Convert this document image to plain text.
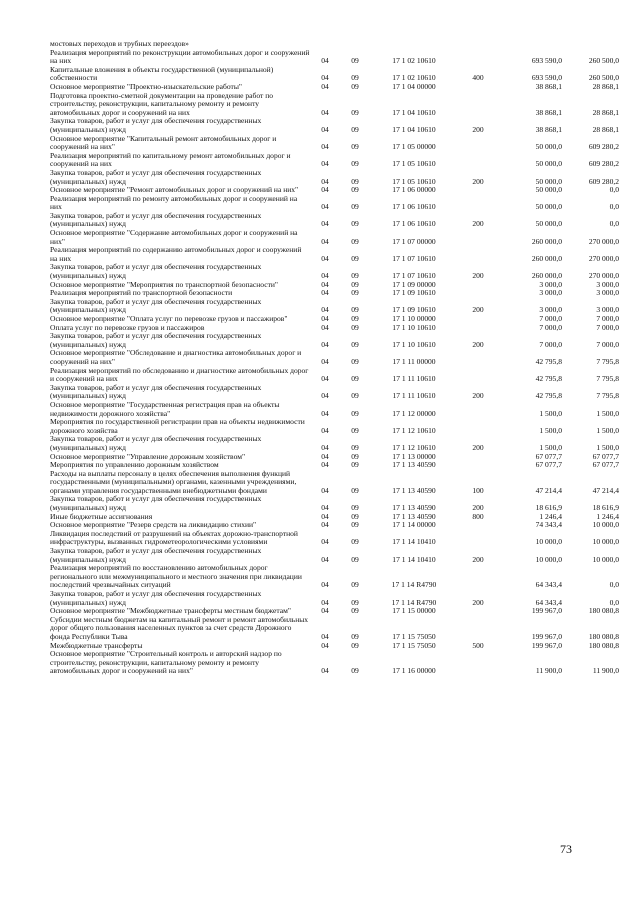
мостовых переходов и трубных переездов»
Реализация мероприятий по реконструкции автомобильных дорог и сооружений на них	04	09	17 1 02 10610	693 590,0	260 500,0
Капитальные вложения в объекты государственной (муниципальной) собственности	04	09	17 1 02 10610	400	693 590,0	260 500,0
Основное мероприятие "Проектно-изыскательские работы"	04	09	17 1 04 00000	38 868,1	28 868,1
Подготовка проектно-сметной документации на проведение работ по строительству, реконструкции, капитальному ремонту и ремонту автомобильных дорог и сооружений на них	04	09	17 1 04 10610	38 868,1	28 868,1
Закупка товаров, работ и услуг для обеспечения государственных (муниципальных) нужд	04	09	17 1 04 10610	200	38 868,1	28 868,1
Основное мероприятие "Капитальный ремонт автомобильных дорог и сооружений на них"	04	09	17 1 05 00000	50 000,0	609 280,2
Реализация мероприятий по капитальному ремонт автомобильных дорог и сооружений на них	04	09	17 1 05 10610	50 000,0	609 280,2
Закупка товаров, работ и услуг для обеспечения государственных (муниципальных) нужд	04	09	17 1 05 10610	200	50 000,0	609 280,2
Основное мероприятие "Ремонт автомобильных дорог и сооружений на них"	04	09	17 1 06 00000	50 000,0	0,0
Реализация мероприятий по ремонту автомобильных дорог и сооружений на них	04	09	17 1 06 10610	50 000,0	0,0
Закупка товаров, работ и услуг для обеспечения государственных (муниципальных) нужд	04	09	17 1 06 10610	200	50 000,0	0,0
Основное мероприятие "Содержание автомобильных дорог и сооружений на них"	04	09	17 1 07 00000	260 000,0	270 000,0
Реализация мероприятий по содержанию автомобильных дорог и сооружений на них	04	09	17 1 07 10610	260 000,0	270 000,0
Закупка товаров, работ и услуг для обеспечения государственных (муниципальных) нужд	04	09	17 1 07 10610	200	260 000,0	270 000,0
Основное мероприятие "Мероприятия по транспортной безопасности"	04	09	17 1 09 00000	3 000,0	3 000,0
Реализация мероприятий по транспортной безопасности	04	09	17 1 09 10610	3 000,0	3 000,0
Закупка товаров, работ и услуг для обеспечения государственных (муниципальных) нужд	04	09	17 1 09 10610	200	3 000,0	3 000,0
Основное мероприятие "Оплата услуг по перевозке грузов и пассажиров"	04	09	17 1 10 00000	7 000,0	7 000,0
Оплата услуг по перевозке грузов и пассажиров	04	09	17 1 10 10610	7 000,0	7 000,0
Закупка товаров, работ и услуг для обеспечения государственных (муниципальных) нужд	04	09	17 1 10 10610	200	7 000,0	7 000,0
Основное мероприятие "Обследование и диагностика автомобильных дорог и сооружений на них"	04	09	17 1 11 00000	42 795,8	7 795,8
Реализация мероприятий по обследованию и диагностике автомобильных дорог и сооружений на них	04	09	17 1 11 10610	42 795,8	7 795,8
Закупка товаров, работ и услуг для обеспечения государственных (муниципальных) нужд	04	09	17 1 11 10610	200	42 795,8	7 795,8
Основное мероприятие "Государственная регистрация прав на объекты недвижимости дорожного хозяйства"	04	09	17 1 12 00000	1 500,0	1 500,0
Мероприятия по государственной регистрации прав на объекты недвижимости дорожного хозяйства	04	09	17 1 12 10610	1 500,0	1 500,0
Закупка товаров, работ и услуг для обеспечения государственных (муниципальных) нужд	04	09	17 1 12 10610	200	1 500,0	1 500,0
Основное мероприятие "Управление дорожным хозяйством"	04	09	17 1 13 00000	67 077,7	67 077,7
Мероприятия по управлению дорожным хозяйством	04	09	17 1 13 40590	67 077,7	67 077,7
Расходы на выплаты персоналу в целях обеспечения выполнения функций государственными (муниципальными) органами, казенными учреждениями, органами управления государственными внебюджетными фондами	04	09	17 1 13 40590	100	47 214,4	47 214,4
Закупка товаров, работ и услуг для обеспечения государственных (муниципальных) нужд	04	09	17 1 13 40590	200	18 616,9	18 616,9
Иные бюджетные ассигнования	04	09	17 1 13 40590	800	1 246,4	1 246,4
Основное мероприятие "Резерв средств на ликвидацию стихии"	04	09	17 1 14 00000	74 343,4	10 000,0
Ликвидация последствий от разрушений на объектах дорожно-транспортной инфраструктуры, вызванных гидрометеорологическими условиями	04	09	17 1 14 10410	10 000,0	10 000,0
Закупка товаров, работ и услуг для обеспечения государственных (муниципальных) нужд	04	09	17 1 14 10410	200	10 000,0	10 000,0
Реализация мероприятий по восстановлению автомобильных дорог регионального или межмуниципального и местного значения при ликвидации последствий чрезвычайных ситуаций	04	09	17 1 14 R4790	64 343,4	0,0
Закупка товаров, работ и услуг для обеспечения государственных (муниципальных) нужд	04	09	17 1 14 R4790	200	64 343,4	0,0
Основное мероприятие "Межбюджетные трансферты местным бюджетам"	04	09	17 1 15 00000	199 967,0	180 080,8
Субсидии местным бюджетам на капитальный ремонт и ремонт автомобильных дорог общего пользования населенных пунктов за счет средств Дорожного фонда Республики Тыва	04	09	17 1 15 75050	199 967,0	180 080,8
Межбюджетные трансферты	04	09	17 1 15 75050	500	199 967,0	180 080,8
Основное мероприятие "Строительный контроль и авторский надзор по строительству, реконструкции, капитальному ремонту и ремонту автомобильных дорог и сооружений на них"	04	09	17 1 16 00000	11 900,0	11 900,0
73
